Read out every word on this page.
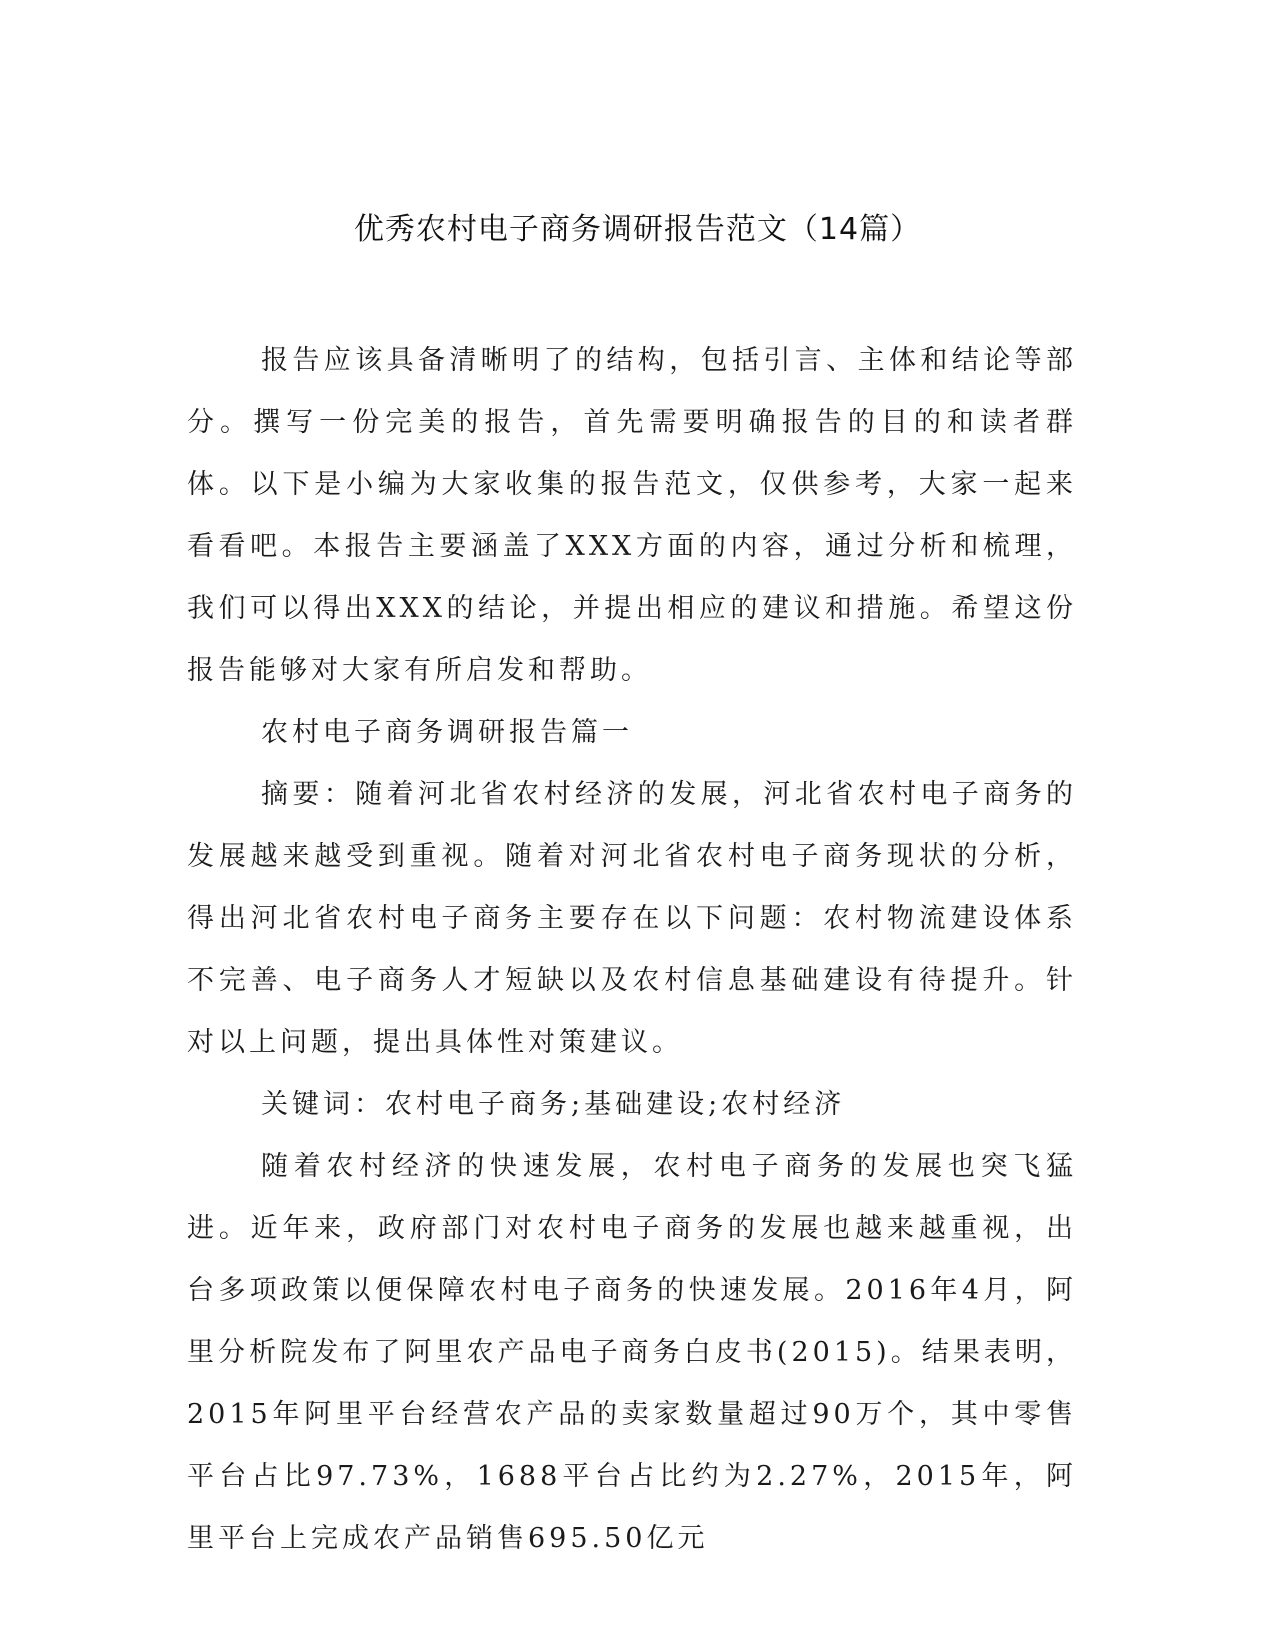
优秀农村电子商务调研报告范文（14篇）

报告应该具备清晰明了的结构，包括引言、主体和结论等部分。撰写一份完美的报告，首先需要明确报告的目的和读者群体。以下是小编为大家收集的报告范文，仅供参考，大家一起来看看吧。本报告主要涵盖了XXX方面的内容，通过分析和梳理，我们可以得出XXX的结论，并提出相应的建议和措施。希望这份报告能够对大家有所启发和帮助。

农村电子商务调研报告篇一

摘要：随着河北省农村经济的发展，河北省农村电子商务的发展越来越受到重视。随着对河北省农村电子商务现状的分析，得出河北省农村电子商务主要存在以下问题：农村物流建设体系不完善、电子商务人才短缺以及农村信息基础建设有待提升。针对以上问题，提出具体性对策建议。

关键词：农村电子商务;基础建设;农村经济

随着农村经济的快速发展，农村电子商务的发展也突飞猛进。近年来，政府部门对农村电子商务的发展也越来越重视，出台多项政策以便保障农村电子商务的快速发展。2016年4月，阿里分析院发布了阿里农产品电子商务白皮书(2015)。结果表明，2015年阿里平台经营农产品的卖家数量超过90万个，其中零售平台占比97.73%，1688平台占比约为2.27%，2015年，阿里平台上完成农产品销售695.50亿元
